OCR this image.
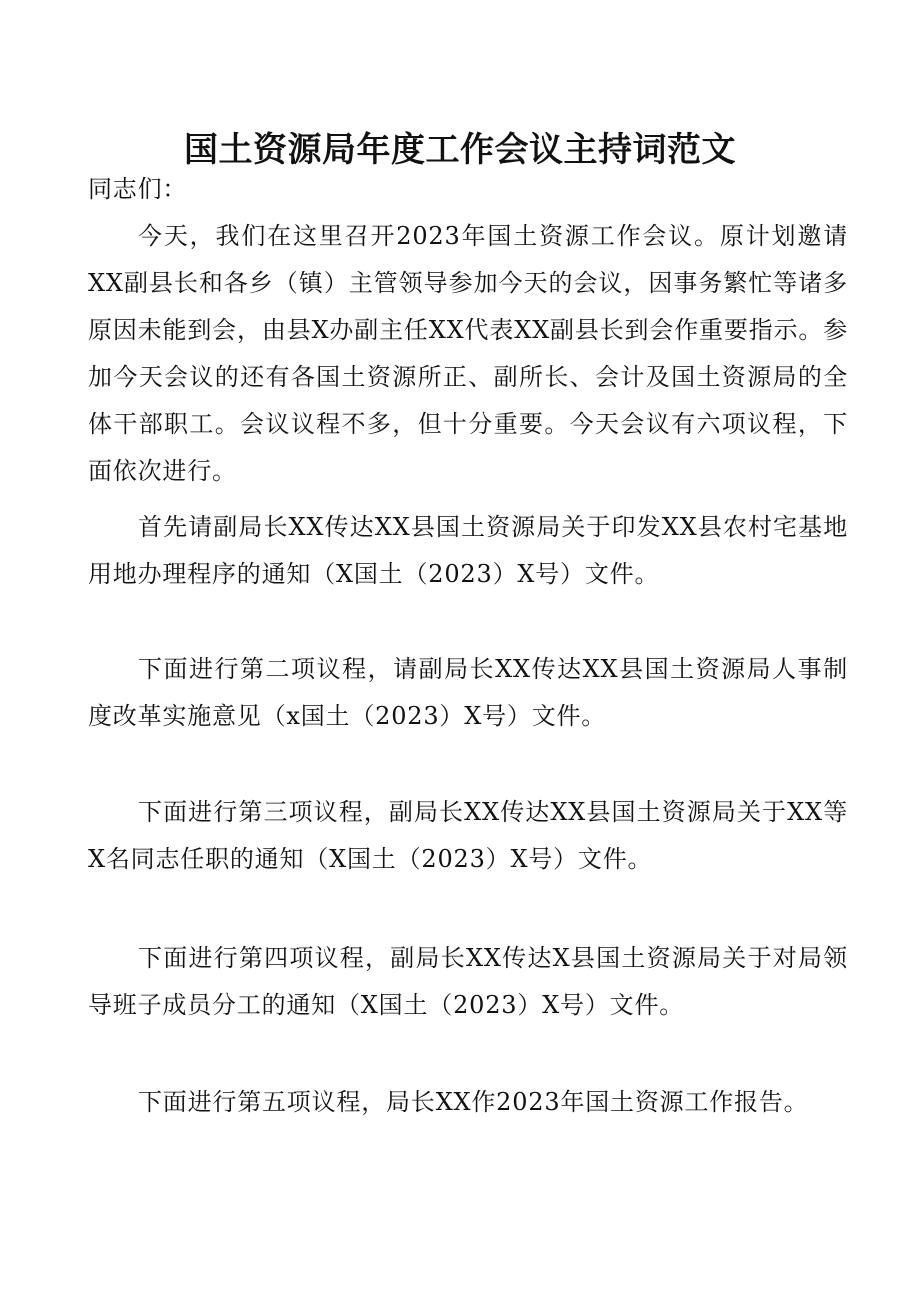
国土资源局年度工作会议主持词范文

同志们：

今天，我们在这里召开2023年国土资源工作会议。原计划邀请XX副县长和各乡（镇）主管领导参加今天的会议，因事务繁忙等诸多原因未能到会，由县X办副主任XX代表XX副县长到会作重要指示。参加今天会议的还有各国土资源所正、副所长、会计及国土资源局的全体干部职工。会议议程不多，但十分重要。今天会议有六项议程，下面依次进行。

首先请副局长XX传达XX县国土资源局关于印发XX县农村宅基地用地办理程序的通知（X国土（2023）X号）文件。

下面进行第二项议程，请副局长XX传达XX县国土资源局人事制度改革实施意见（x国土（2023）X号）文件。

下面进行第三项议程，副局长XX传达XX县国土资源局关于XX等X名同志任职的通知（X国土（2023）X号）文件。

下面进行第四项议程，副局长XX传达X县国土资源局关于对局领导班子成员分工的通知（X国土（2023）X号）文件。

下面进行第五项议程，局长XX作2023年国土资源工作报告。
